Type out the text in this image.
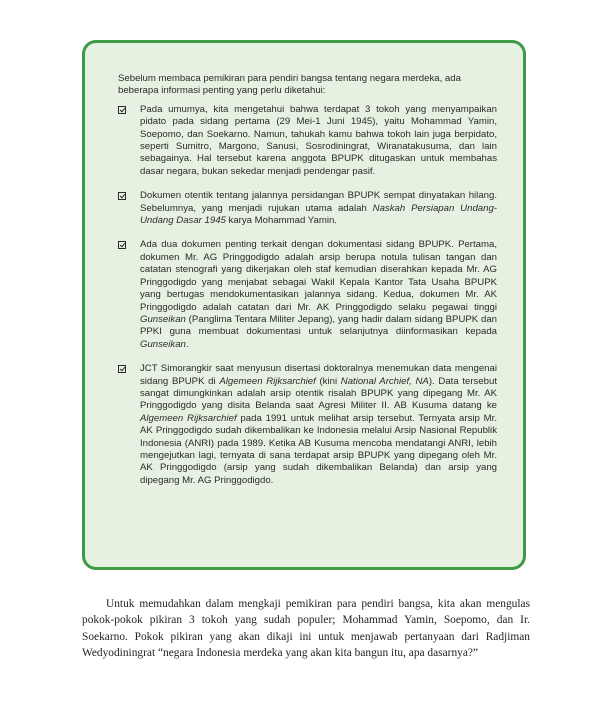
Sebelum membaca pemikiran para pendiri bangsa tentang negara merdeka, ada beberapa informasi penting yang perlu diketahui:

Pada umumya, kita mengetahui bahwa terdapat 3 tokoh yang menyampaikan pidato pada sidang pertama (29 Mei-1 Juni 1945), yaitu Mohammad Yamin, Soepomo, dan Soekarno. Namun, tahukah kamu bahwa tokoh lain juga berpidato, seperti Sumitro, Margono, Sanusi, Sosrodiningrat, Wiranatakusuma, dan lain sebagainya. Hal tersebut karena anggota BPUPK ditugaskan untuk membahas dasar negara, bukan sekedar menjadi pendengar pasif.

Dokumen otentik tentang jalannya persidangan BPUPK sempat dinyatakan hilang. Sebelumnya, yang menjadi rujukan utama adalah Naskah Persiapan Undang-Undang Dasar 1945 karya Mohammad Yamin.

Ada dua dokumen penting terkait dengan dokumentasi sidang BPUPK. Pertama, dokumen Mr. AG Pringgodigdo adalah arsip berupa notula tulisan tangan dan catatan stenografi yang dikerjakan oleh staf kemudian diserahkan kepada Mr. AG Pringgodigdo yang menjabat sebagai Wakil Kepala Kantor Tata Usaha BPUPK yang bertugas mendokumentasikan jalannya sidang. Kedua, dokumen Mr. AK Pringgodigdo adalah catatan dari Mr. AK Pringgodigdo selaku pegawai tinggi Gunseikan (Panglima Tentara Militer Jepang), yang hadir dalam sidang BPUPK dan PPKI guna membuat dokumentasi untuk selanjutnya diinformasikan kepada Gunseikan.

JCT Simorangkir saat menyusun disertasi doktoralnya menemukan data mengenai sidang BPUPK di Algemeen Rijksarchief (kini National Archief, NA). Data tersebut sangat dimungkinkan adalah arsip otentik risalah BPUPK yang dipegang Mr. AK Pringgodigdo yang disita Belanda saat Agresi Militer II. AB Kusuma datang ke Algemeen Rijksarchief pada 1991 untuk melihat arsip tersebut. Ternyata arsip Mr. AK Pringgodigdo sudah dikembalikan ke Indonesia melalui Arsip Nasional Republik Indonesia (ANRI) pada 1989. Ketika AB Kusuma mencoba mendatangi ANRI, lebih mengejutkan lagi, ternyata di sana terdapat arsip BPUPK yang dipegang oleh Mr. AK Pringgodigdo (arsip yang sudah dikembalikan Belanda) dan arsip yang dipegang Mr. AG Pringgodigdo.

Untuk memudahkan dalam mengkaji pemikiran para pendiri bangsa, kita akan mengulas pokok-pokok pikiran 3 tokoh yang sudah populer; Mohammad Yamin, Soepomo, dan Ir. Soekarno. Pokok pikiran yang akan dikaji ini untuk menjawab pertanyaan dari Radjiman Wedyodiningrat “negara Indonesia merdeka yang akan kita bangun itu, apa dasarnya?”
